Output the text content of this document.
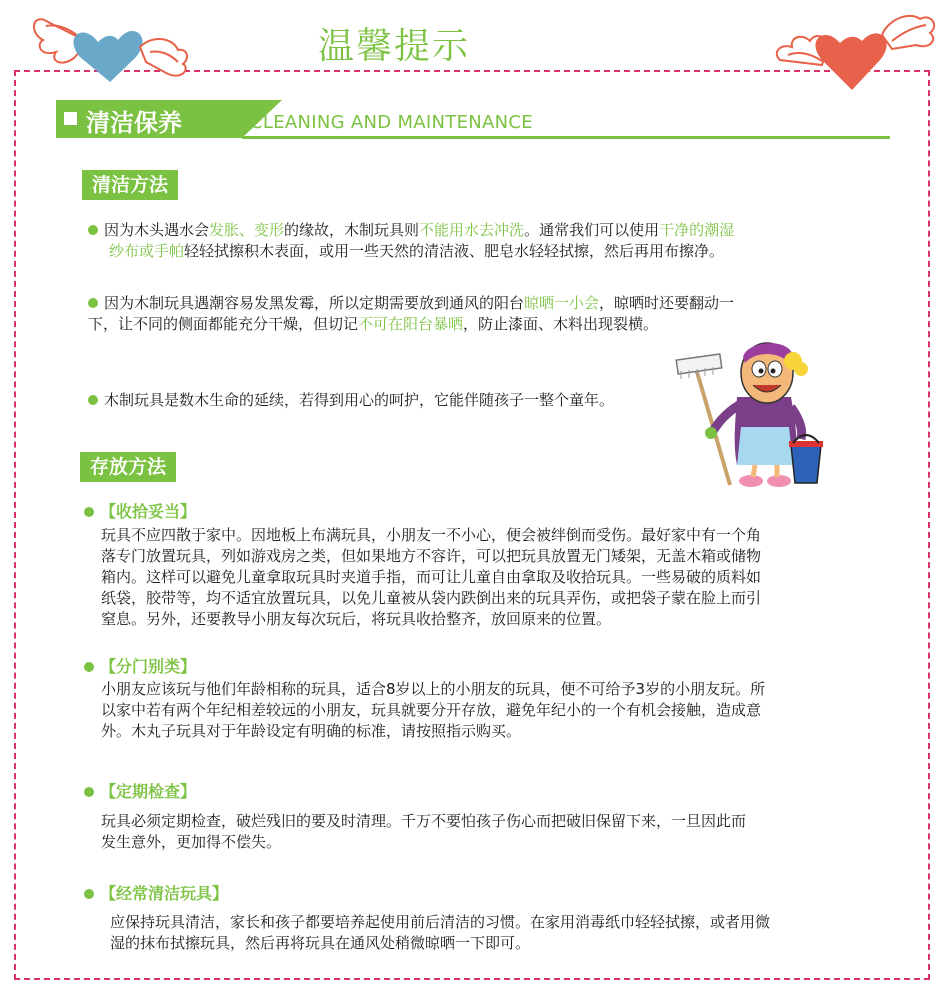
温馨提示
清洁保养	CLEANING AND MAINTENANCE
清洁方法
因为木头遇水会发胀、变形的缘故，木制玩具则不能用水去冲洗。通常我们可以使用干净的潮湿
纱布或手帕轻轻拭擦积木表面，或用一些天然的清洁液、肥皂水轻轻拭擦，然后再用布擦净。
因为木制玩具遇潮容易发黑发霉，所以定期需要放到通风的阳台晾晒一小会，晾晒时还要翻动一
下，让不同的侧面都能充分干燥，但切记不可在阳台暴晒，防止漆面、木料出现裂横。
木制玩具是数木生命的延续，若得到用心的呵护，它能伴随孩子一整个童年。
存放方法
【收拾妥当】
玩具不应四散于家中。因地板上布满玩具，小朋友一不小心，便会被绊倒而受伤。最好家中有一个角
落专门放置玩具，列如游戏房之类，但如果地方不容许，可以把玩具放置无门矮架，无盖木箱或储物
箱内。这样可以避免儿童拿取玩具时夹道手指，而可让儿童自由拿取及收拾玩具。一些易破的质料如
纸袋，胶带等，均不适宜放置玩具，以免儿童被从袋内跌倒出来的玩具弄伤，或把袋子蒙在脸上而引
窒息。另外，还要教导小朋友每次玩后，将玩具收拾整齐，放回原来的位置。
【分门别类】
小朋友应该玩与他们年龄相称的玩具，适合8岁以上的小朋友的玩具，便不可给予3岁的小朋友玩。所
以家中若有两个年纪相差较远的小朋友，玩具就要分开存放，避免年纪小的一个有机会接触，造成意
外。木丸子玩具对于年龄设定有明确的标准，请按照指示购买。
【定期检查】
玩具必须定期检查，破烂残旧的要及时清理。千万不要怕孩子伤心而把破旧保留下来，一旦因此而
发生意外，更加得不偿失。
【经常清洁玩具】
应保持玩具清洁，家长和孩子都要培养起使用前后清洁的习惯。在家用消毒纸巾轻轻拭擦，或者用微
湿的抹布拭擦玩具，然后再将玩具在通风处稍微晾晒一下即可。
